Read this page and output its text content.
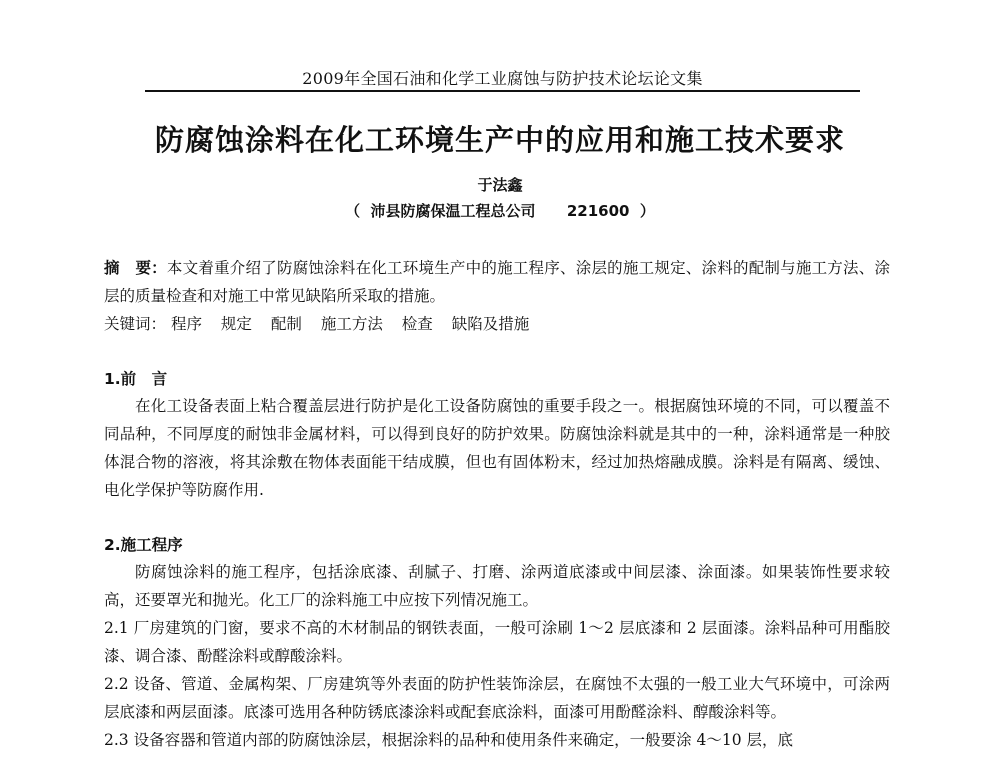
2009年全国石油和化学工业腐蚀与防护技术论坛论文集
防腐蚀涂料在化工环境生产中的应用和施工技术要求
于法鑫
（  沛县防腐保温工程总公司      221600  ）
摘　要：本文着重介绍了防腐蚀涂料在化工环境生产中的施工程序、涂层的施工规定、涂料的配制与施工方法、涂层的质量检查和对施工中常见缺陷所采取的措施。
关键词： 程序 规定 配制 施工方法 检查 缺陷及措施
1.前　言
在化工设备表面上粘合覆盖层进行防护是化工设备防腐蚀的重要手段之一。根据腐蚀环境的不同，可以覆盖不同品种，不同厚度的耐蚀非金属材料，可以得到良好的防护效果。防腐蚀涂料就是其中的一种，涂料通常是一种胶体混合物的溶液，将其涂敷在物体表面能干结成膜，但也有固体粉末，经过加热熔融成膜。涂料是有隔离、缓蚀、电化学保护等防腐作用.
2.施工程序

防腐蚀涂料的施工程序，包括涂底漆、刮腻子、打磨、涂两道底漆或中间层漆、涂面漆。如果装饰性要求较高，还要罩光和抛光。化工厂的涂料施工中应按下列情况施工。

2.1 厂房建筑的门窗，要求不高的木材制品的钢铁表面，一般可涂刷 1～2 层底漆和 2 层面漆。涂料品种可用酯胶漆、调合漆、酚醛涂料或醇酸涂料。

2.2 设备、管道、金属构架、厂房建筑等外表面的防护性装饰涂层，在腐蚀不太强的一般工业大气环境中，可涂两层底漆和两层面漆。底漆可选用各种防锈底漆涂料或配套底涂料，面漆可用酚醛涂料、醇酸涂料等。

2.3 设备容器和管道内部的防腐蚀涂层，根据涂料的品种和使用条件来确定，一般要涂 4～10 层，底
